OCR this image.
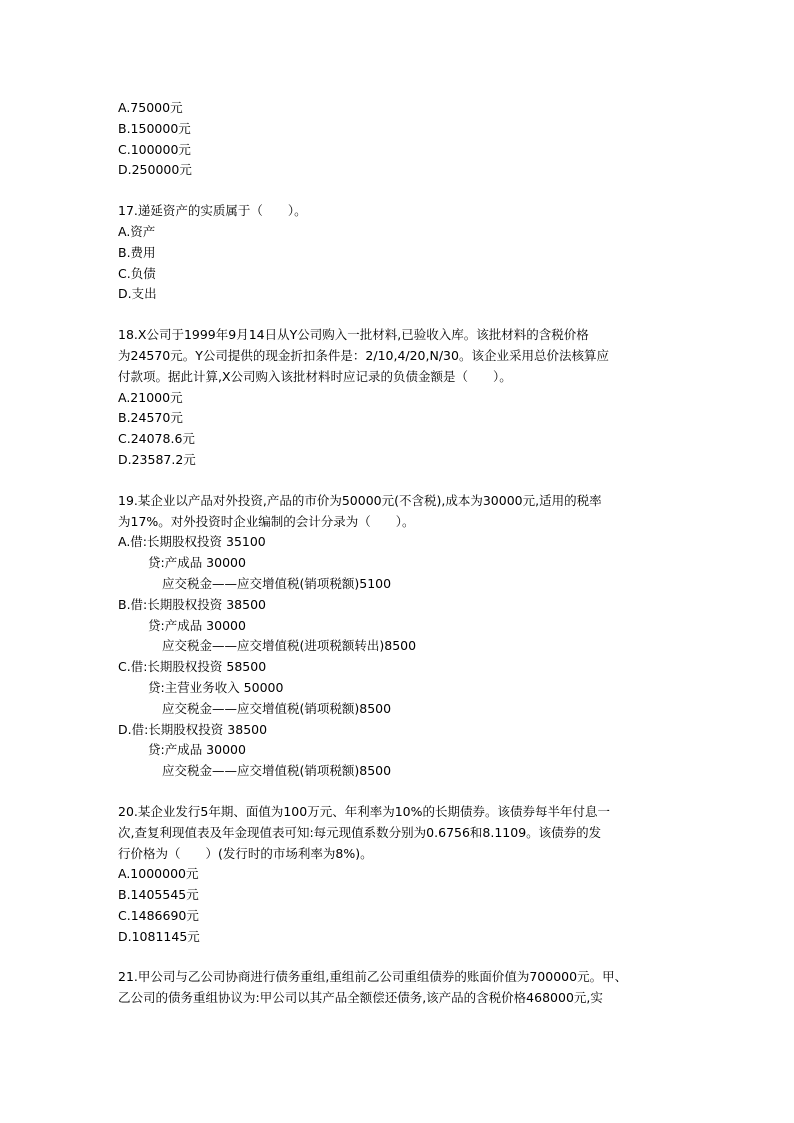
A.75000元
B.150000元
C.100000元
D.250000元
17.递延资产的实质属于（　　）。
A.资产
B.费用
C.负债
D.支出
18.X公司于1999年9月14日从Y公司购入一批材料,已验收入库。该批材料的含税价格
为24570元。Y公司提供的现金折扣条件是：2/10,4/20,N/30。该企业采用总价法核算应
付款项。据此计算,X公司购入该批材料时应记录的负债金额是（　　）。
A.21000元
B.24570元
C.24078.6元
D.23587.2元
19.某企业以产品对外投资,产品的市价为50000元(不含税),成本为30000元,适用的税率
为17%。对外投资时企业编制的会计分录为（　　）。
A.借:长期股权投资 35100
贷:产成品 30000
应交税金——应交增值税(销项税额)5100
B.借:长期股权投资 38500
贷:产成品 30000
应交税金——应交增值税(进项税额转出)8500
C.借:长期股权投资 58500
贷:主营业务收入 50000
应交税金——应交增值税(销项税额)8500
D.借:长期股权投资 38500
贷:产成品 30000
应交税金——应交增值税(销项税额)8500
20.某企业发行5年期、面值为100万元、年利率为10%的长期债券。该债券每半年付息一
次,查复利现值表及年金现值表可知:每元现值系数分别为0.6756和8.1109。该债券的发
行价格为（　　）(发行时的市场利率为8%)。
A.1000000元
B.1405545元
C.1486690元
D.1081145元
21.甲公司与乙公司协商进行债务重组,重组前乙公司重组债券的账面价值为700000元。甲、
乙公司的债务重组协议为:甲公司以其产品全额偿还债务,该产品的含税价格468000元,实
